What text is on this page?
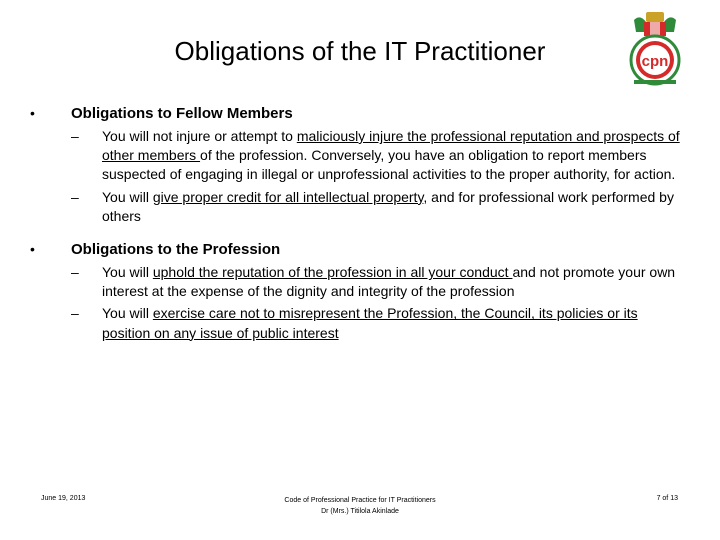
Obligations of the IT Practitioner	cpn
•	Obligations to Fellow Members
–	You will not injure or attempt to maliciously injure the professional reputation and prospects of other members of the profession. Conversely, you have an obligation to report members suspected of engaging in illegal or unprofessional activities to the proper authority, for action.
–	You will give proper credit for all intellectual property, and for professional work performed by others
•	Obligations to the Profession
–	You will uphold the reputation of the profession in all your conduct and not promote your own interest at the expense of the dignity and integrity of the profession
–	You will exercise care not to misrepresent the Profession, the Council, its policies or its position on any issue of public interest
June 19, 2013	Code of Professional Practice for IT Practitioners
Dr (Mrs.) Titilola Akinlade
7 of 13
